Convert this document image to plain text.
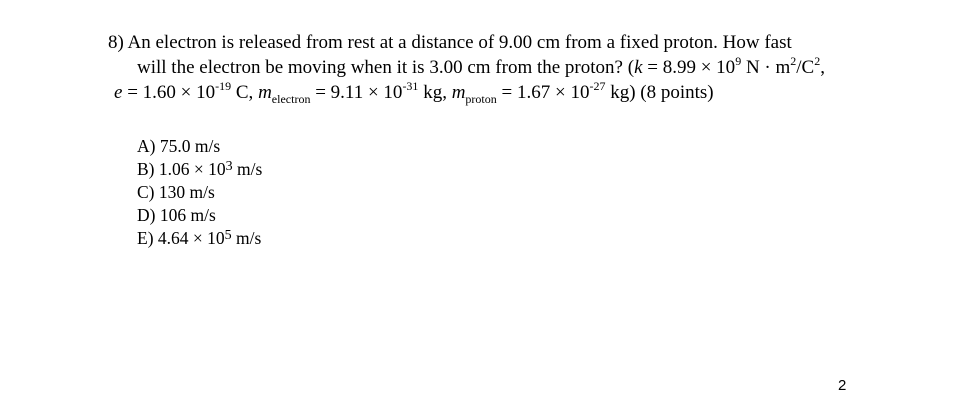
8) An electron is released from rest at a distance of 9.00 cm from a fixed proton. How fast
will the electron be moving when it is 3.00 cm from the proton? ($k = 8.99 \times 10^9$ $N \cdot m^2/C^2$,
$e = 1.60 \times 10^{-19}$ C, $m_{electron} = 9.11 \times 10^{-31}$ kg, $m_{proton} = 1.67 \times 10^{-27}$ kg) (8 points)
A) 75.0 m/s
B) $1.06 \times 10^3$ m/s
C) 130 m/s
D) 106 m/s
E) $4.64 \times 10^5$ m/s
2
